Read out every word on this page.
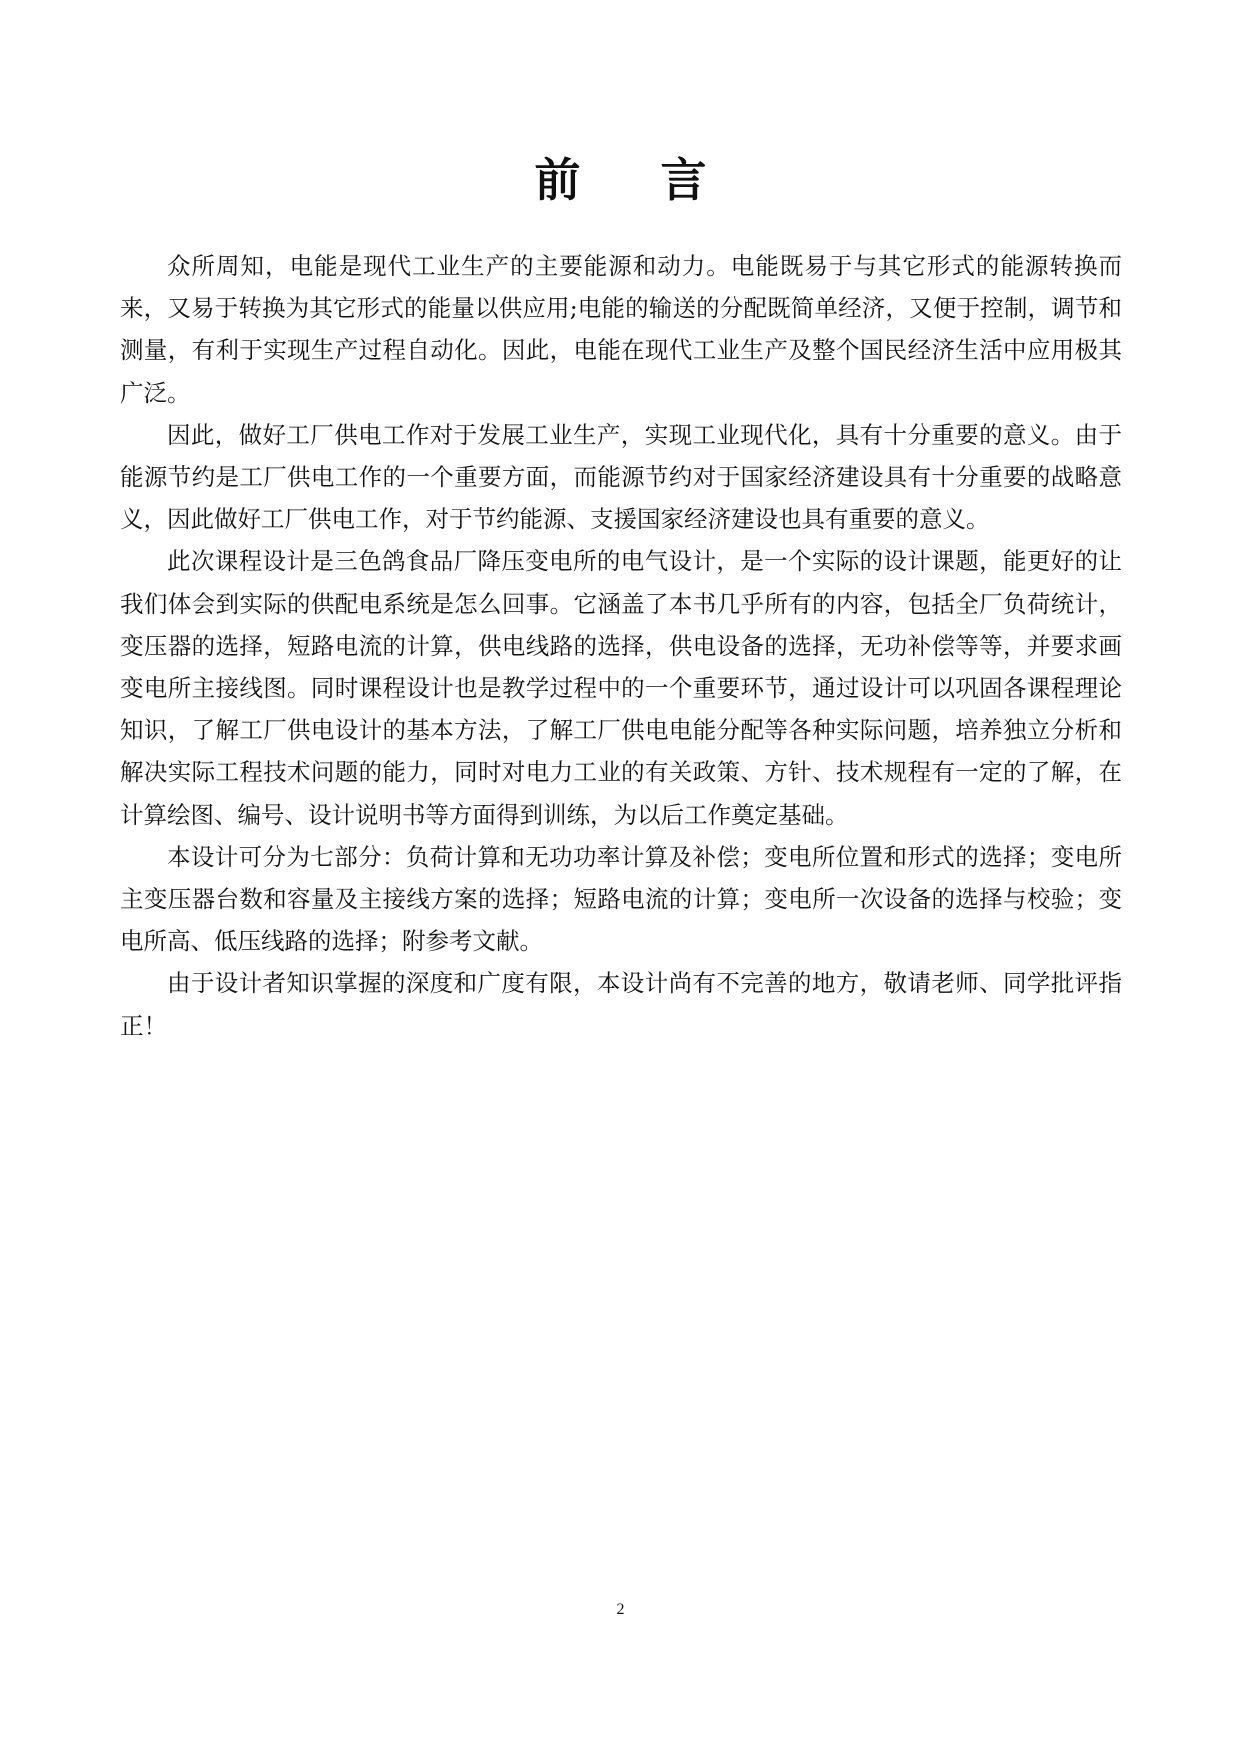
前言

众所周知，电能是现代工业生产的主要能源和动力。电能既易于与其它形式的能源转换而来，又易于转换为其它形式的能量以供应用;电能的输送的分配既简单经济，又便于控制，调节和测量，有利于实现生产过程自动化。因此，电能在现代工业生产及整个国民经济生活中应用极其广泛。

因此，做好工厂供电工作对于发展工业生产，实现工业现代化，具有十分重要的意义。由于能源节约是工厂供电工作的一个重要方面，而能源节约对于国家经济建设具有十分重要的战略意义，因此做好工厂供电工作，对于节约能源、支援国家经济建设也具有重要的意义。

此次课程设计是三色鸽食品厂降压变电所的电气设计，是一个实际的设计课题，能更好的让我们体会到实际的供配电系统是怎么回事。它涵盖了本书几乎所有的内容，包括全厂负荷统计，变压器的选择，短路电流的计算，供电线路的选择，供电设备的选择，无功补偿等等，并要求画变电所主接线图。同时课程设计也是教学过程中的一个重要环节，通过设计可以巩固各课程理论知识，了解工厂供电设计的基本方法，了解工厂供电电能分配等各种实际问题，培养独立分析和解决实际工程技术问题的能力，同时对电力工业的有关政策、方针、技术规程有一定的了解，在计算绘图、编号、设计说明书等方面得到训练，为以后工作奠定基础。

本设计可分为七部分：负荷计算和无功功率计算及补偿；变电所位置和形式的选择；变电所主变压器台数和容量及主接线方案的选择；短路电流的计算；变电所一次设备的选择与校验；变电所高、低压线路的选择；附参考文献。

由于设计者知识掌握的深度和广度有限，本设计尚有不完善的地方，敬请老师、同学批评指正！

2
